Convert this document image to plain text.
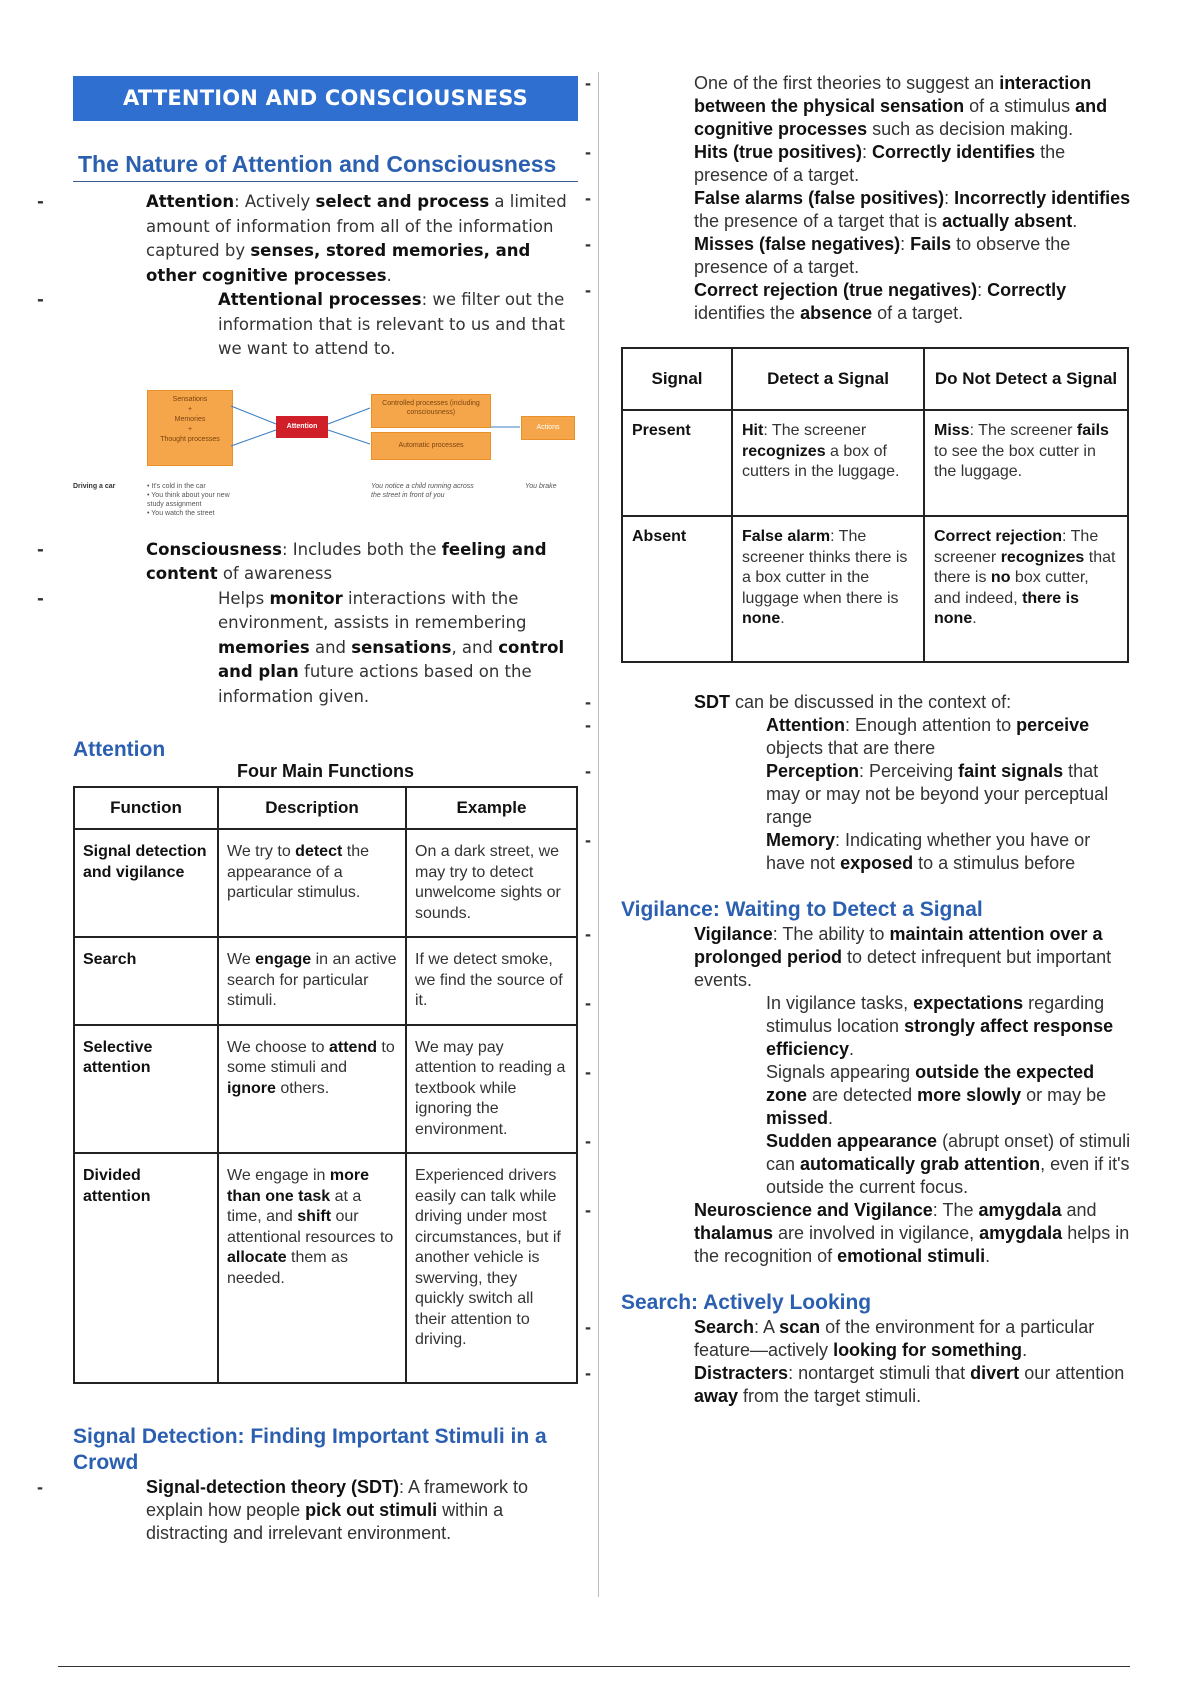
ATTENTION AND CONSCIOUSNESS
The Nature of Attention and Consciousness
- Attention: Actively select and process a limited amount of information from all of the information captured by senses, stored memories, and other cognitive processes.
- Attentional processes: we filter out the information that is relevant to us and that we want to attend to.
Sensations
+
Memories
+
Thought processes
Attention
Controlled processes (including consciousness)
Automatic processes
Actions
Driving a car	• It's cold in the car
• You think about your new study assignment
• You watch the street
You notice a child running across the street in front of you
You brake
- Consciousness: Includes both the feeling and content of awareness
- Helps monitor interactions with the environment, assists in remembering memories and sensations, and control and plan future actions based on the information given.
Attention
Four Main Functions
Function	Description	Example
Signal detection and vigilance	We try to detect the appearance of a particular stimulus.	On a dark street, we may try to detect unwelcome sights or sounds.
Search	We engage in an active search for particular stimuli.	If we detect smoke, we find the source of it.
Selective attention	We choose to attend to some stimuli and ignore others.	We may pay attention to reading a textbook while ignoring the environment.
Divided attention	We engage in more than one task at a time, and shift our attentional resources to allocate them as needed.	Experienced drivers easily can talk while driving under most circumstances, but if another vehicle is swerving, they quickly switch all their attention to driving.
Signal Detection: Finding Important Stimuli in a Crowd
- Signal-detection theory (SDT): A framework to explain how people pick out stimuli within a distracting and irrelevant environment.
- One of the first theories to suggest an interaction between the physical sensation of a stimulus and cognitive processes such as decision making.
- Hits (true positives): Correctly identifies the presence of a target.
- False alarms (false positives): Incorrectly identifies the presence of a target that is actually absent.
- Misses (false negatives): Fails to observe the presence of a target.
- Correct rejection (true negatives): Correctly identifies the absence of a target.
Signal	Detect a Signal	Do Not Detect a Signal
Present	Hit: The screener recognizes a box of cutters in the luggage.	Miss: The screener fails to see the box cutter in the luggage.
Absent	False alarm: The screener thinks there is a box cutter in the luggage when there is none.	Correct rejection: The screener recognizes that there is no box cutter, and indeed, there is none.
- SDT can be discussed in the context of:
- Attention: Enough attention to perceive objects that are there
- Perception: Perceiving faint signals that may or may not be beyond your perceptual range
- Memory: Indicating whether you have or have not exposed to a stimulus before
Vigilance: Waiting to Detect a Signal
- Vigilance: The ability to maintain attention over a prolonged period to detect infrequent but important events.
- In vigilance tasks, expectations regarding stimulus location strongly affect response efficiency.
- Signals appearing outside the expected zone are detected more slowly or may be missed.
- Sudden appearance (abrupt onset) of stimuli can automatically grab attention, even if it's outside the current focus.
- Neuroscience and Vigilance: The amygdala and thalamus are involved in vigilance, amygdala helps in the recognition of emotional stimuli.
Search: Actively Looking
- Search: A scan of the environment for a particular feature—actively looking for something.
- Distracters: nontarget stimuli that divert our attention away from the target stimuli.
